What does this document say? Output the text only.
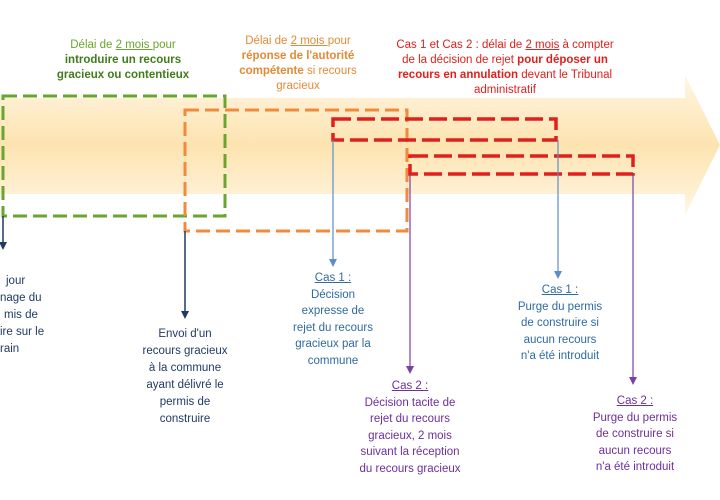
Délai de 2 mois pour
introduire un recours
gracieux ou contentieux
Délai de 2 mois pour
réponse de l'autorité
compétente si recours
gracieux
Cas 1 et Cas 2 : délai de 2 mois à compter
de la décision de rejet pour déposer un
recours en annulation devant le Tribunal
administratif
jour
nage du
mis de
ire sur le
rain
Envoi d'un
recours gracieux
à la commune
ayant délivré le
permis de
construire
Cas 1 :
Décision
expresse de
rejet du recours
gracieux par la
commune
Cas 2 :
Décision tacite de
rejet du recours
gracieux, 2 mois
suivant la réception
du recours gracieux
Cas 1 :
Purge du permis
de construire si
aucun recours
n'a été introduit
Cas 2 :
Purge du permis
de construire si
aucun recours
n'a été introduit
